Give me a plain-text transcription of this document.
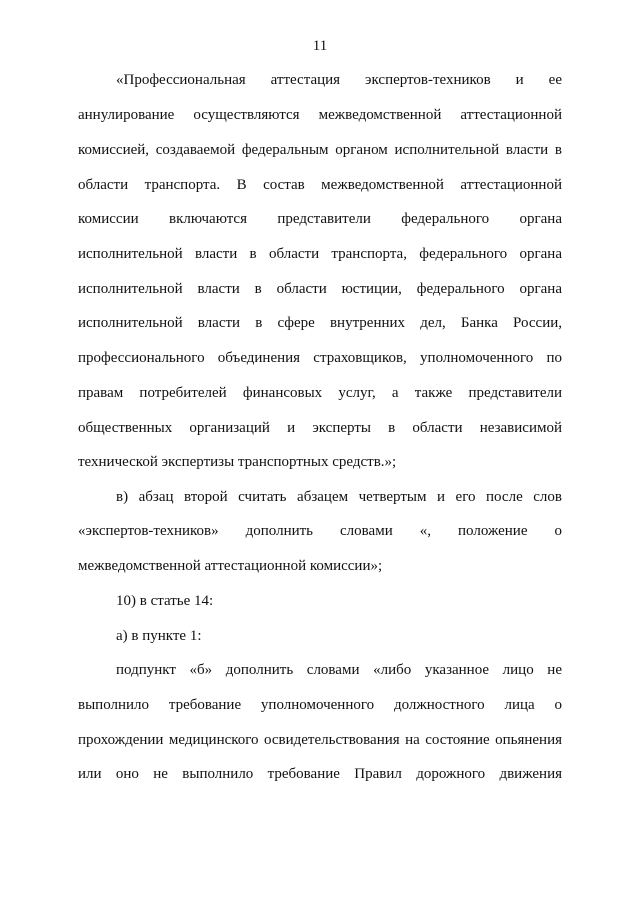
11
«Профессиональная аттестация экспертов-техников и ее
аннулирование осуществляются межведомственной аттестационной
комиссией, создаваемой федеральным органом исполнительной власти в
области транспорта. В состав межведомственной аттестационной
комиссии включаются представители федерального органа
исполнительной власти в области транспорта, федерального органа
исполнительной власти в области юстиции, федерального органа
исполнительной власти в сфере внутренних дел, Банка России,
профессионального объединения страховщиков, уполномоченного по
правам потребителей финансовых услуг, а также представители
общественных организаций и эксперты в области независимой
технической экспертизы транспортных средств.»;
в) абзац второй считать абзацем четвертым и его после слов
«экспертов-техников» дополнить словами «, положение о
межведомственной аттестационной комиссии»;
10) в статье 14:
а) в пункте 1:
подпункт «б» дополнить словами «либо указанное лицо не
выполнило требование уполномоченного должностного лица о
прохождении медицинского освидетельствования на состояние опьянения
или оно не выполнило требование Правил дорожного движения
